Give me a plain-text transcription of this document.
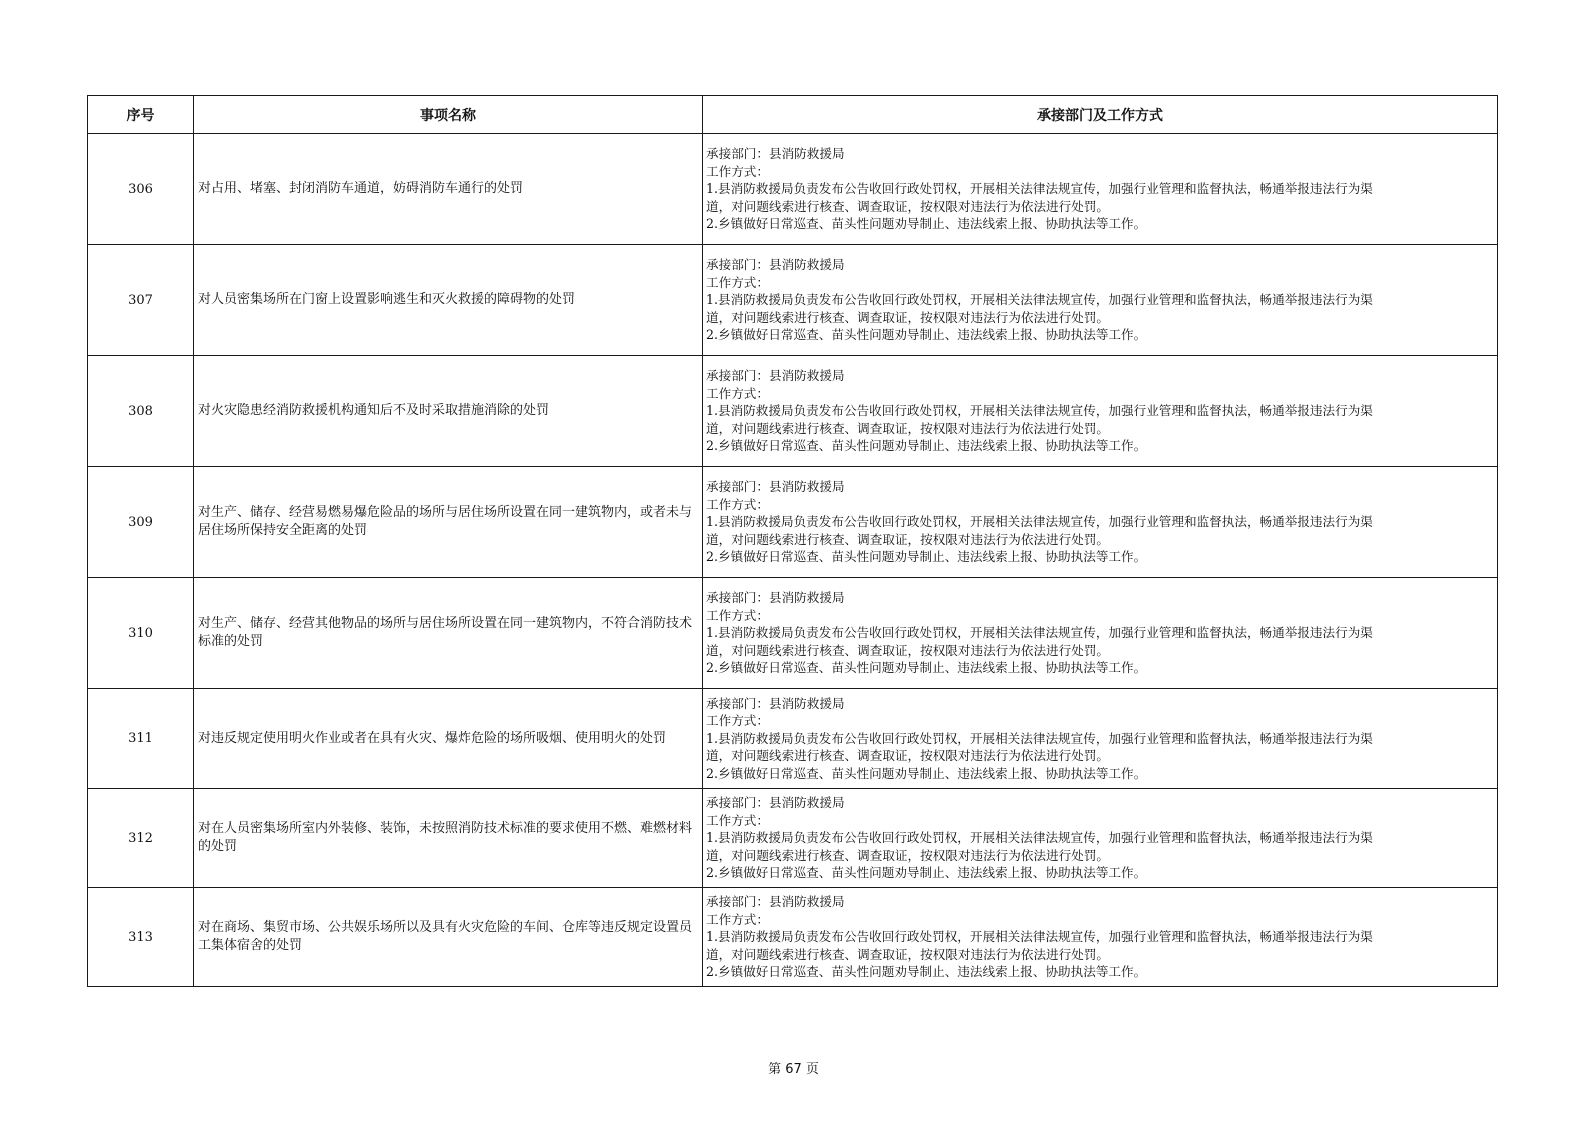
序号	事项名称	承接部门及工作方式
306	对占用、堵塞、封闭消防车通道，妨碍消防车通行的处罚	承接部门：县消防救援局
工作方式：
1.县消防救援局负责发布公告收回行政处罚权，开展相关法律法规宣传，加强行业管理和监督执法，畅通举报违法行为渠
道，对问题线索进行核查、调查取证，按权限对违法行为依法进行处罚。
2.乡镇做好日常巡查、苗头性问题劝导制止、违法线索上报、协助执法等工作。

307	对人员密集场所在门窗上设置影响逃生和灭火救援的障碍物的处罚	承接部门：县消防救援局
工作方式：
1.县消防救援局负责发布公告收回行政处罚权，开展相关法律法规宣传，加强行业管理和监督执法，畅通举报违法行为渠
道，对问题线索进行核查、调查取证，按权限对违法行为依法进行处罚。
2.乡镇做好日常巡查、苗头性问题劝导制止、违法线索上报、协助执法等工作。

308	对火灾隐患经消防救援机构通知后不及时采取措施消除的处罚	承接部门：县消防救援局
工作方式：
1.县消防救援局负责发布公告收回行政处罚权，开展相关法律法规宣传，加强行业管理和监督执法，畅通举报违法行为渠
道，对问题线索进行核查、调查取证，按权限对违法行为依法进行处罚。
2.乡镇做好日常巡查、苗头性问题劝导制止、违法线索上报、协助执法等工作。

309	对生产、储存、经营易燃易爆危险品的场所与居住场所设置在同一建筑物内，或者未与居住场所保持安全距离的处罚	承接部门：县消防救援局
工作方式：
1.县消防救援局负责发布公告收回行政处罚权，开展相关法律法规宣传，加强行业管理和监督执法，畅通举报违法行为渠
道，对问题线索进行核查、调查取证，按权限对违法行为依法进行处罚。
2.乡镇做好日常巡查、苗头性问题劝导制止、违法线索上报、协助执法等工作。

310	对生产、储存、经营其他物品的场所与居住场所设置在同一建筑物内，不符合消防技术标准的处罚	承接部门：县消防救援局
工作方式：
1.县消防救援局负责发布公告收回行政处罚权，开展相关法律法规宣传，加强行业管理和监督执法，畅通举报违法行为渠
道，对问题线索进行核查、调查取证，按权限对违法行为依法进行处罚。
2.乡镇做好日常巡查、苗头性问题劝导制止、违法线索上报、协助执法等工作。

311	对违反规定使用明火作业或者在具有火灾、爆炸危险的场所吸烟、使用明火的处罚	承接部门：县消防救援局
工作方式：
1.县消防救援局负责发布公告收回行政处罚权，开展相关法律法规宣传，加强行业管理和监督执法，畅通举报违法行为渠
道，对问题线索进行核查、调查取证，按权限对违法行为依法进行处罚。
2.乡镇做好日常巡查、苗头性问题劝导制止、违法线索上报、协助执法等工作。

312	对在人员密集场所室内外装修、装饰，未按照消防技术标准的要求使用不燃、难燃材料的处罚	承接部门：县消防救援局
工作方式：
1.县消防救援局负责发布公告收回行政处罚权，开展相关法律法规宣传，加强行业管理和监督执法，畅通举报违法行为渠
道，对问题线索进行核查、调查取证，按权限对违法行为依法进行处罚。
2.乡镇做好日常巡查、苗头性问题劝导制止、违法线索上报、协助执法等工作。

313	对在商场、集贸市场、公共娱乐场所以及具有火灾危险的车间、仓库等违反规定设置员工集体宿舍的处罚	承接部门：县消防救援局
工作方式：
1.县消防救援局负责发布公告收回行政处罚权，开展相关法律法规宣传，加强行业管理和监督执法，畅通举报违法行为渠
道，对问题线索进行核查、调查取证，按权限对违法行为依法进行处罚。
2.乡镇做好日常巡查、苗头性问题劝导制止、违法线索上报、协助执法等工作。
第 67 页
